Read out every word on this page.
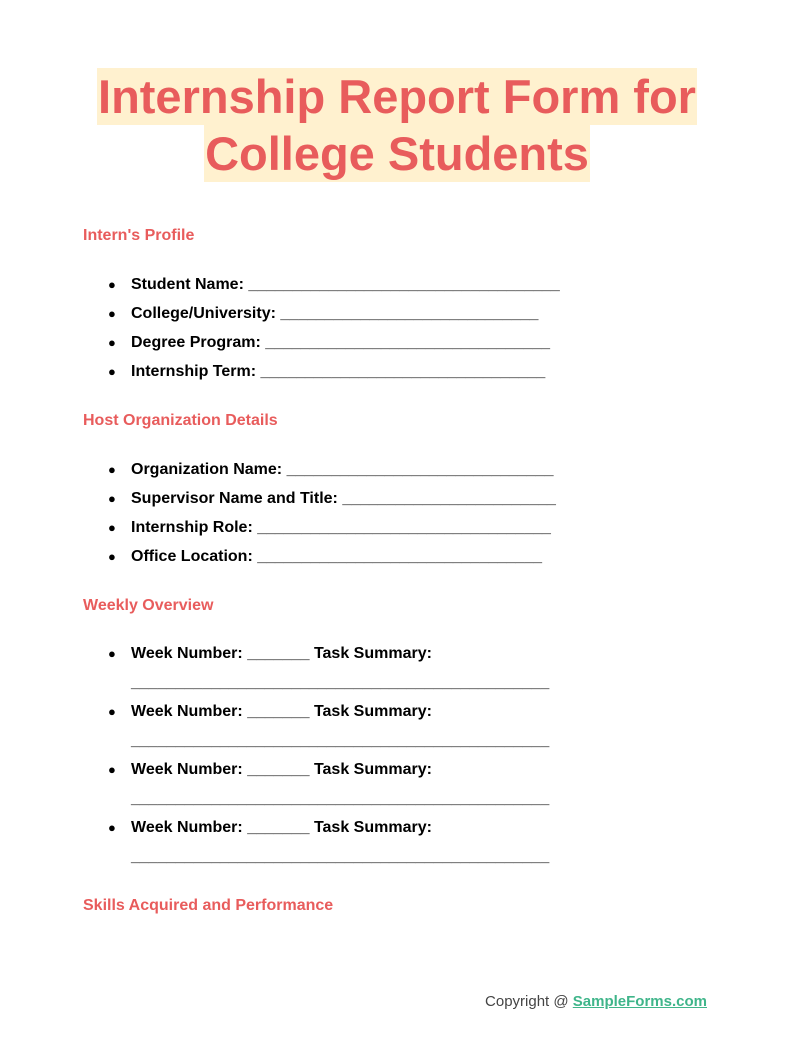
Internship Report Form for
College Students
Intern's Profile
● Student Name: ___________________________________
● College/University: _____________________________
● Degree Program: ________________________________
● Internship Term: ________________________________
Host Organization Details
● Organization Name: ______________________________
● Supervisor Name and Title: ________________________
● Internship Role: _________________________________
● Office Location: ________________________________
Weekly Overview
● Week Number: _______ Task Summary:
_______________________________________________
● Week Number: _______ Task Summary:
_______________________________________________
● Week Number: _______ Task Summary:
_______________________________________________
● Week Number: _______ Task Summary:
_______________________________________________
Skills Acquired and Performance
Copyright @ SampleForms.com
